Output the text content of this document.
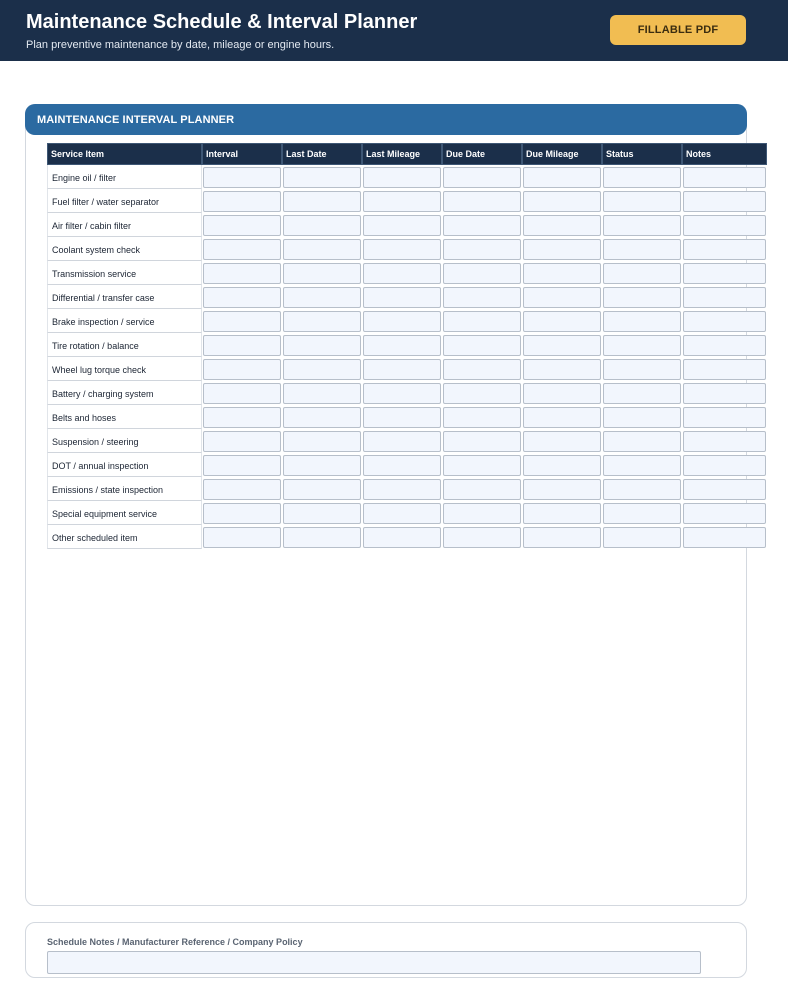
Maintenance Schedule & Interval Planner
Plan preventive maintenance by date, mileage or engine hours.
FILLABLE PDF
MAINTENANCE INTERVAL PLANNER
Service Item	Interval	Last Date	Last Mileage	Due Date	Due Mileage	Status	Notes
Engine oil / filter
Fuel filter / water separator
Air filter / cabin filter
Coolant system check
Transmission service
Differential / transfer case
Brake inspection / service
Tire rotation / balance
Wheel lug torque check
Battery / charging system
Belts and hoses
Suspension / steering
DOT / annual inspection
Emissions / state inspection
Special equipment service
Other scheduled item
Schedule Notes / Manufacturer Reference / Company Policy
